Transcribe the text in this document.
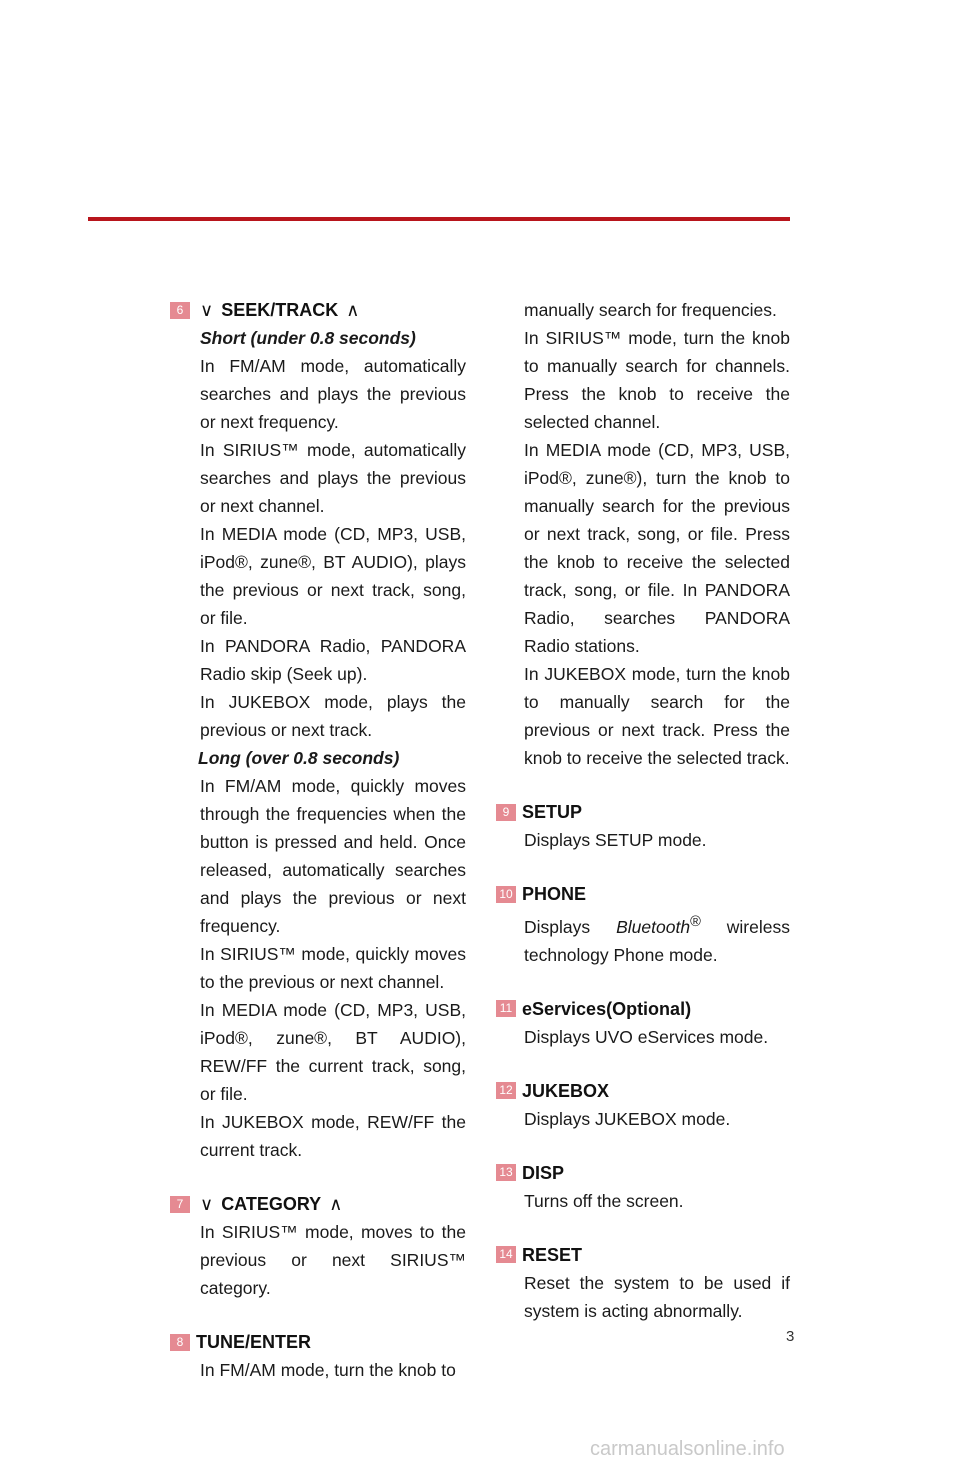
6 ∨ SEEK/TRACK ∧
Short (under 0.8 seconds)

In FM/AM mode, automatically searches and plays the previous or next frequency.

In SIRIUS™ mode, automatically searches and plays the previous or next channel.

In MEDIA mode (CD, MP3, USB, iPod®, zune®, BT AUDIO), plays the previous or next track, song, or file.

In PANDORA Radio, PANDORA Radio skip (Seek up).

In JUKEBOX mode, plays the previous or next track.

Long (over 0.8 seconds)

In FM/AM mode, quickly moves through the frequencies when the button is pressed and held. Once released, automatically searches and plays the previous or next frequency.

In SIRIUS™ mode, quickly moves to the previous or next channel.

In MEDIA mode (CD, MP3, USB, iPod®, zune®, BT AUDIO), REW/FF the current track, song, or file.

In JUKEBOX mode, REW/FF the current track.

7 ∨ CATEGORY ∧

In SIRIUS™ mode, moves to the previous or next SIRIUS™ category.

8 TUNE/ENTER

In FM/AM mode, turn the knob to

manually search for frequencies.

In SIRIUS™ mode, turn the knob to manually search for channels. Press the knob to receive the selected channel.

In MEDIA mode (CD, MP3, USB, iPod®, zune®), turn the knob to manually search for the previous or next track, song, or file. Press the knob to receive the selected track, song, or file. In PANDORA Radio, searches PANDORA Radio stations.

In JUKEBOX mode, turn the knob to manually search for the previous or next track. Press the knob to receive the selected track.

9 SETUP

Displays SETUP mode.

10 PHONE

Displays Bluetooth® wireless technology Phone mode.

11 eServices(Optional)

Displays UVO eServices mode.

12 JUKEBOX

Displays JUKEBOX mode.

13 DISP

Turns off the screen.

14 RESET

Reset the system to be used if system is acting abnormally.

3
carmanualsonline.info
